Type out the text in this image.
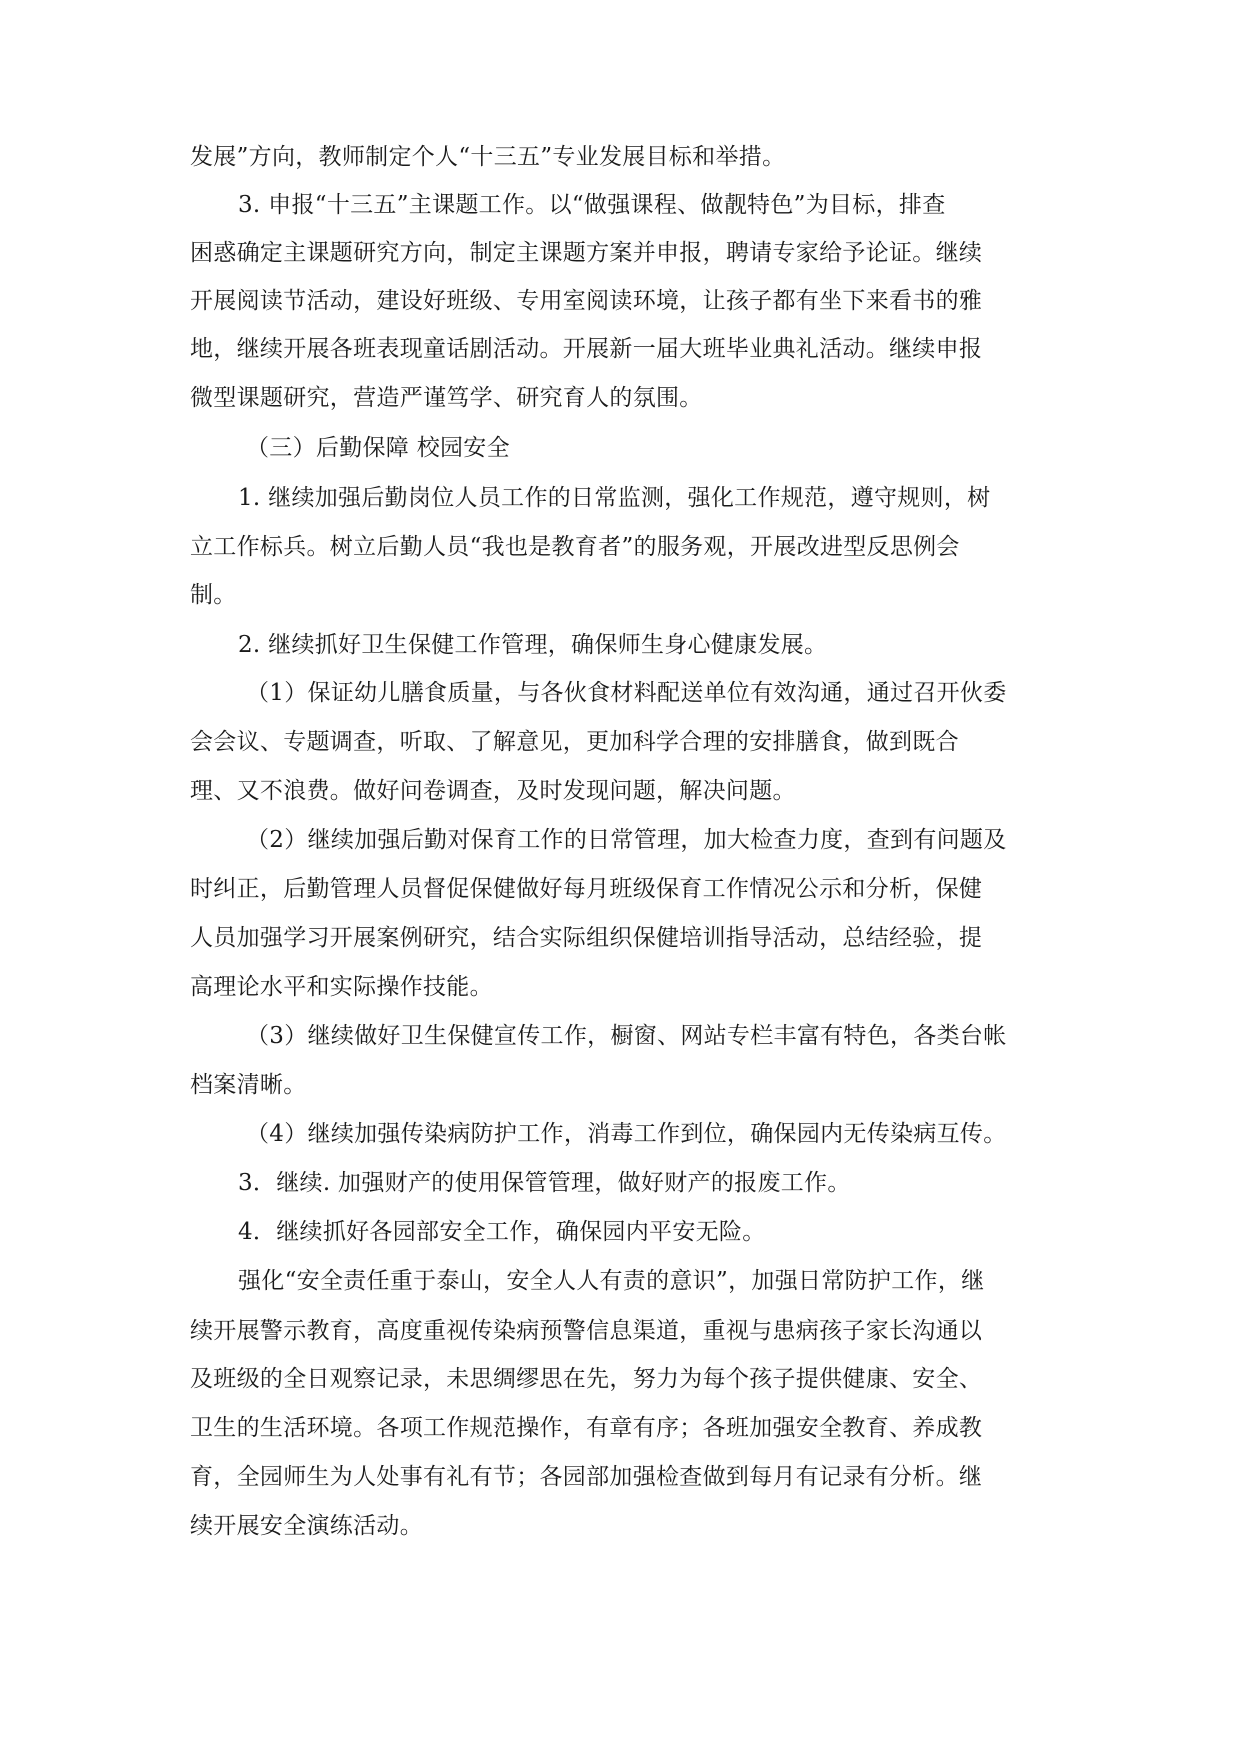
发展”方向，教师制定个人“十三五”专业发展目标和举措。
3. 申报“十三五”主课题工作。以“做强课程、做靓特色”为目标，排查
困惑确定主课题研究方向，制定主课题方案并申报，聘请专家给予论证。继续
开展阅读节活动，建设好班级、专用室阅读环境，让孩子都有坐下来看书的雅
地，继续开展各班表现童话剧活动。开展新一届大班毕业典礼活动。继续申报
微型课题研究，营造严谨笃学、研究育人的氛围。
（三）后勤保障 校园安全
1. 继续加强后勤岗位人员工作的日常监测，强化工作规范，遵守规则，树
立工作标兵。树立后勤人员“我也是教育者”的服务观，开展改进型反思例会
制。
2. 继续抓好卫生保健工作管理，确保师生身心健康发展。
（1）保证幼儿膳食质量，与各伙食材料配送单位有效沟通，通过召开伙委
会会议、专题调查，听取、了解意见，更加科学合理的安排膳食，做到既合
理、又不浪费。做好问卷调查，及时发现问题，解决问题。
（2）继续加强后勤对保育工作的日常管理，加大检查力度，查到有问题及
时纠正，后勤管理人员督促保健做好每月班级保育工作情况公示和分析，保健
人员加强学习开展案例研究，结合实际组织保健培训指导活动，总结经验，提
高理论水平和实际操作技能。
（3）继续做好卫生保健宣传工作，橱窗、网站专栏丰富有特色，各类台帐
档案清晰。
（4）继续加强传染病防护工作，消毒工作到位，确保园内无传染病互传。
3．继续. 加强财产的使用保管管理，做好财产的报废工作。
4．继续抓好各园部安全工作，确保园内平安无险。
强化“安全责任重于泰山，安全人人有责的意识”，加强日常防护工作，继
续开展警示教育，高度重视传染病预警信息渠道，重视与患病孩子家长沟通以
及班级的全日观察记录，未思绸缪思在先，努力为每个孩子提供健康、安全、
卫生的生活环境。各项工作规范操作，有章有序；各班加强安全教育、养成教
育，全园师生为人处事有礼有节；各园部加强检查做到每月有记录有分析。继
续开展安全演练活动。
